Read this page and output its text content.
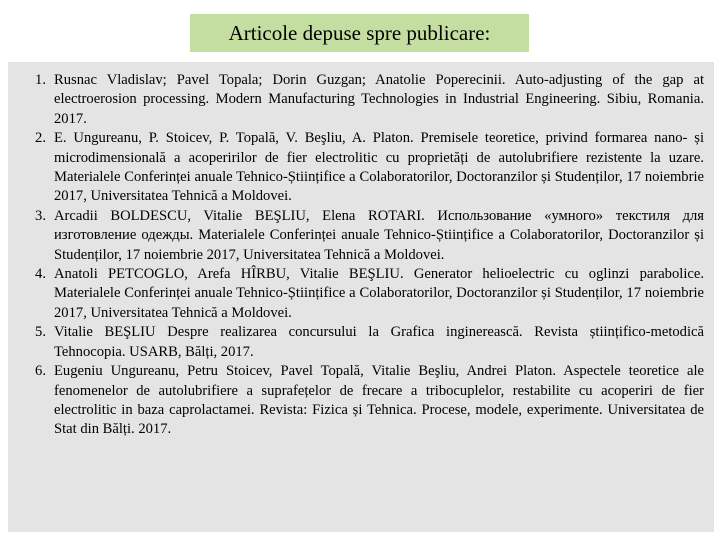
Articole depuse spre publicare:
1. Rusnac Vladislav; Pavel Topala; Dorin Guzgan; Anatolie Poperecinii. Auto-adjusting of the gap at electroerosion processing. Modern Manufacturing Technologies in Industrial Engineering. Sibiu, Romania. 2017.
2. E. Ungureanu, P. Stoicev, P. Topală, V. Beşliu, A. Platon. Premisele teoretice, privind formarea nano- și microdimensională a acoperirilor de fier electrolitic cu proprietăți de autolubrifiere rezistente la uzare. Materialele Conferinței anuale Tehnico-Științifice a Colaboratorilor, Doctoranzilor și Studenților, 17 noiembrie 2017, Universitatea Tehnică a Moldovei.
3. Arcadii BOLDESCU, Vitalie BEŞLIU, Elena ROTARI. Использование «умного» текстиля для изготовление одежды. Materialele Conferinței anuale Tehnico-Științifice a Colaboratorilor, Doctoranzilor și Studenților, 17 noiembrie 2017, Universitatea Tehnică a Moldovei.
4. Anatoli PETCOGLO, Arefa HÎRBU, Vitalie BEŞLIU. Generator helioelectric cu oglinzi parabolice. Materialele Conferinței anuale Tehnico-Științifice a Colaboratorilor, Doctoranzilor și Studenților, 17 noiembrie 2017, Universitatea Tehnică a Moldovei.
5. Vitalie BEŞLIU Despre realizarea concursului la Grafica inginerească. Revista științifico-metodică Tehnocopia. USARB, Bălți, 2017.
6. Eugeniu Ungureanu, Petru Stoicev, Pavel Topală, Vitalie Beşliu, Andrei Platon. Aspectele teoretice ale fenomenelor de autolubrifiere a suprafețelor de frecare a tribocuplelor, restabilite cu acoperiri de fier electrolitic in baza caprolactamei. Revista: Fizica și Tehnica. Procese, modele, experimente. Universitatea de Stat din Bălți. 2017.
